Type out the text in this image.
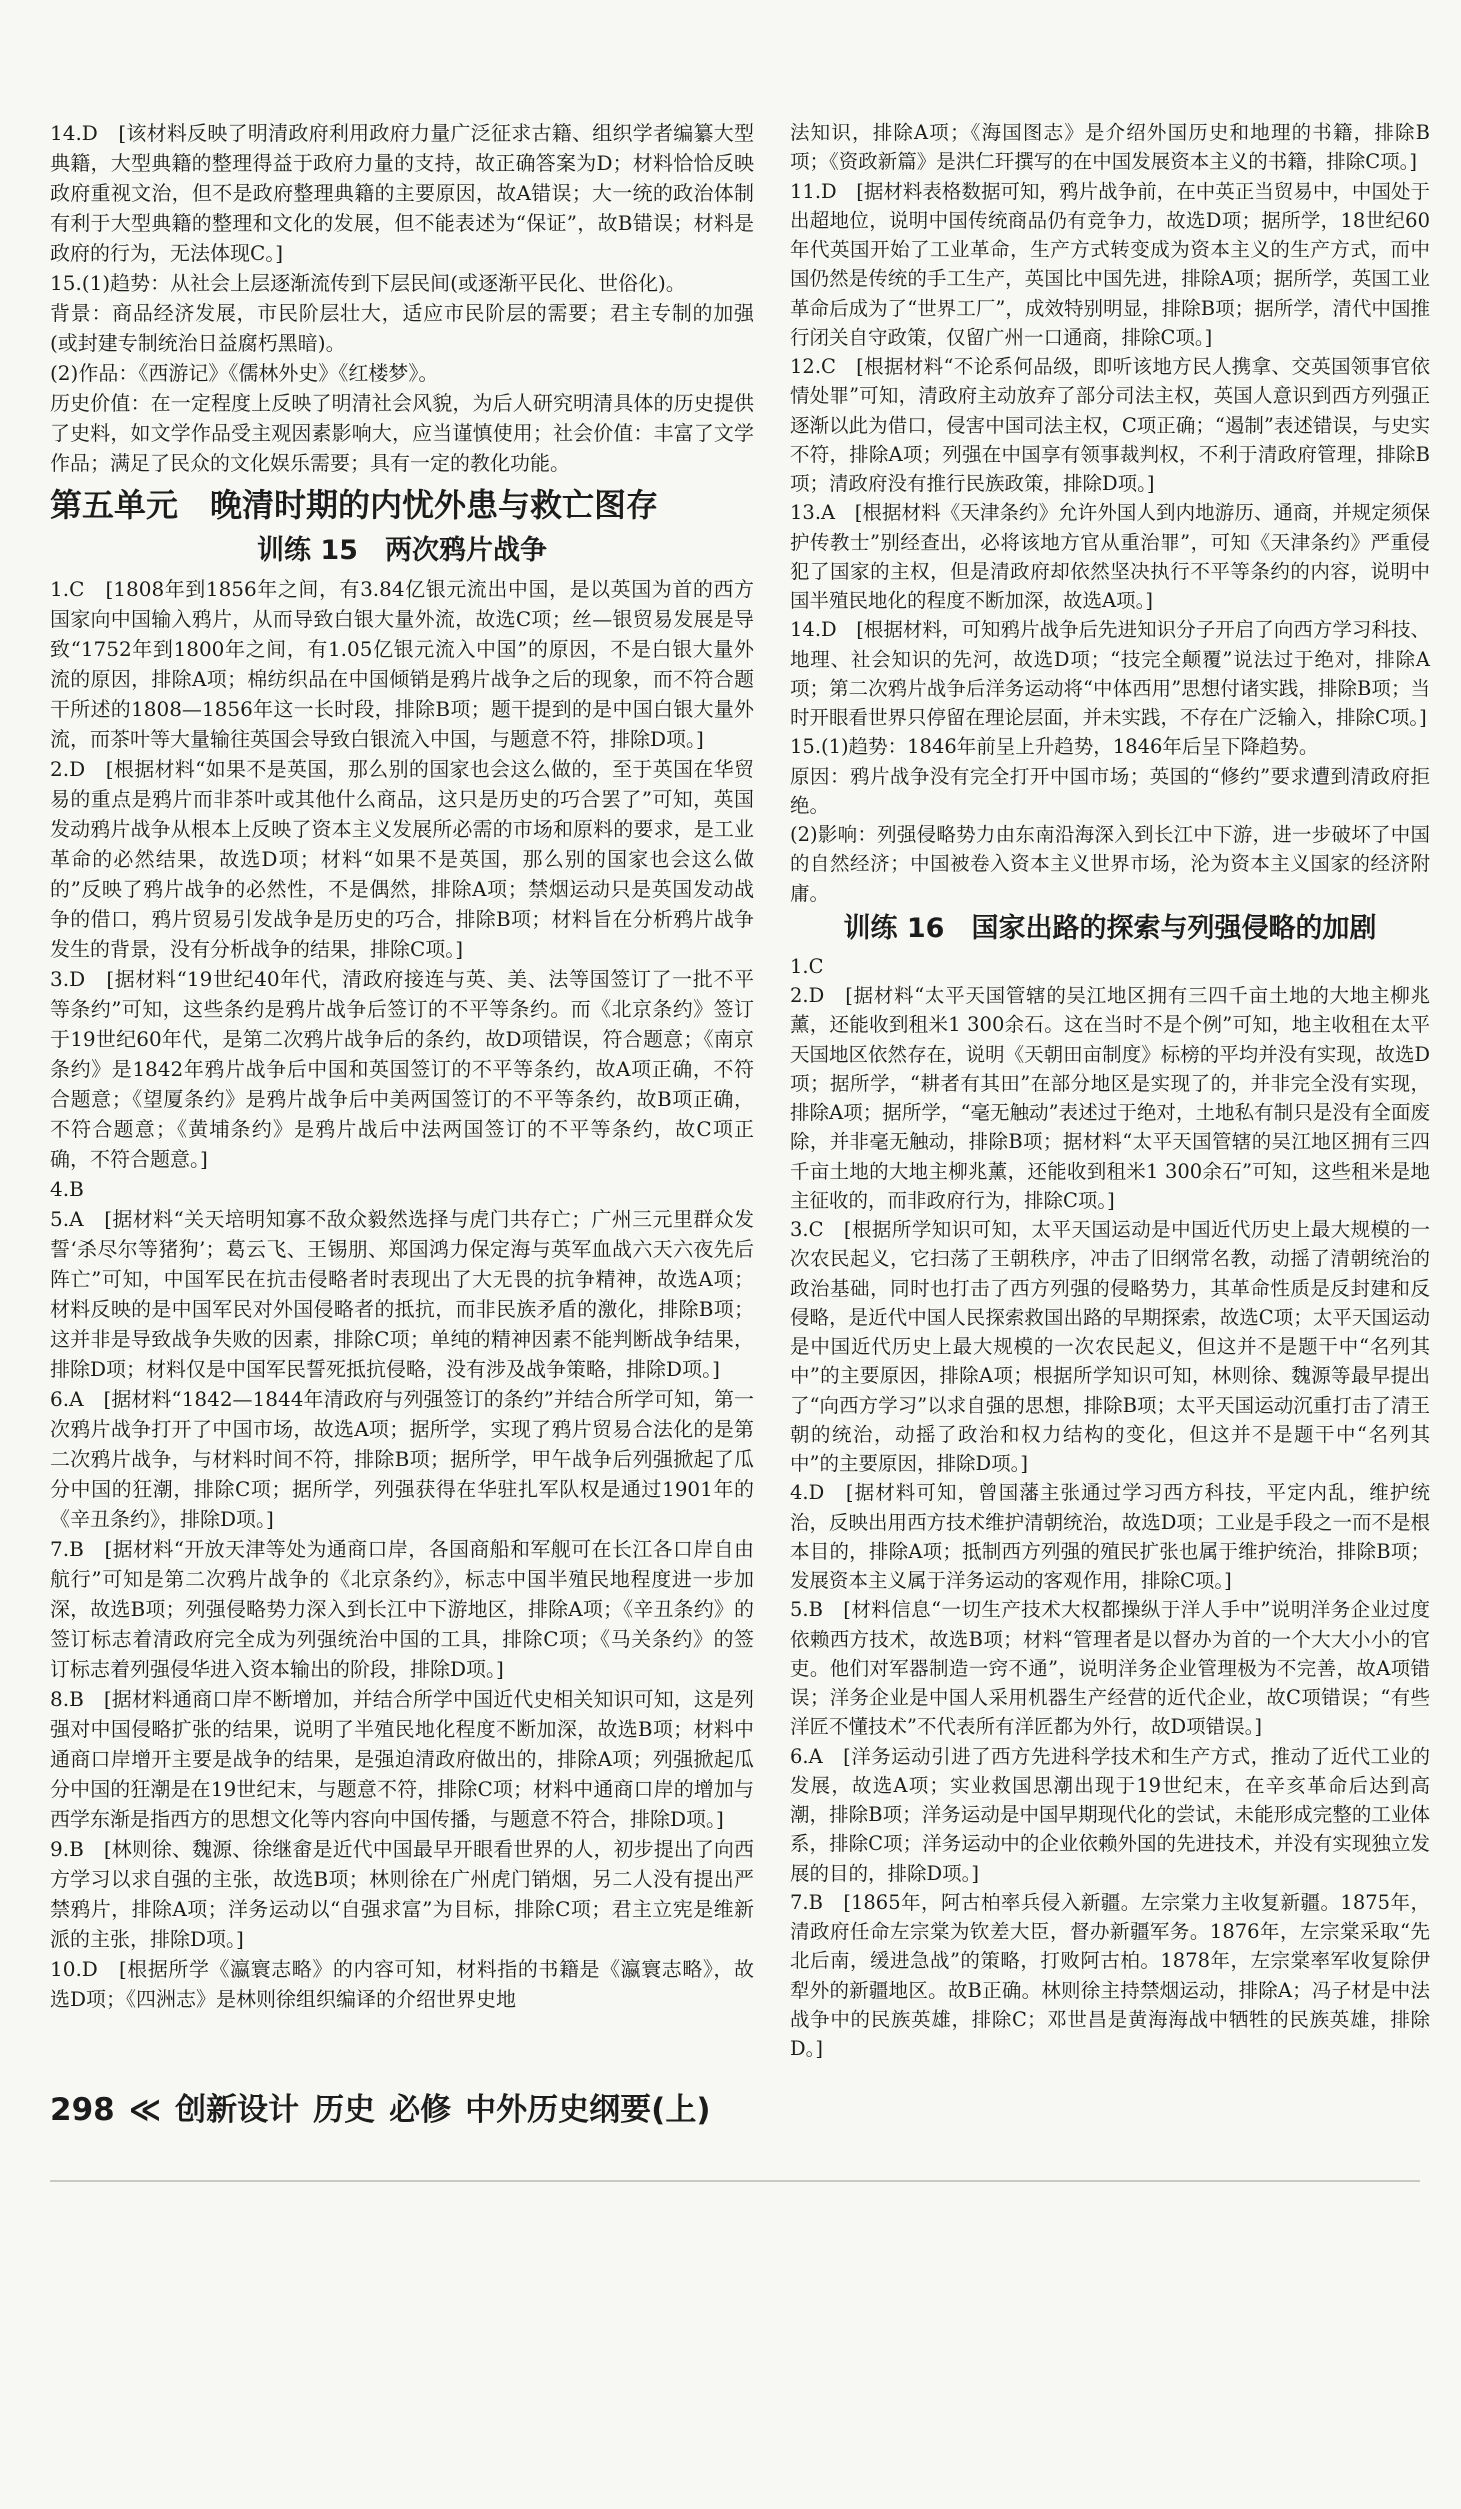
14.D　[该材料反映了明清政府利用政府力量广泛征求古籍、组织学者编纂大型典籍，大型典籍的整理得益于政府力量的支持，故正确答案为D；材料恰恰反映政府重视文治，但不是政府整理典籍的主要原因，故A错误；大一统的政治体制有利于大型典籍的整理和文化的发展，但不能表述为“保证”，故B错误；材料是政府的行为，无法体现C。]

15.(1)趋势：从社会上层逐渐流传到下层民间(或逐渐平民化、世俗化)。
背景：商品经济发展，市民阶层壮大，适应市民阶层的需要；君主专制的加强(或封建专制统治日益腐朽黑暗)。
(2)作品：《西游记》《儒林外史》《红楼梦》。
历史价值：在一定程度上反映了明清社会风貌，为后人研究明清具体的历史提供了史料，如文学作品受主观因素影响大，应当谨慎使用；社会价值：丰富了文学作品；满足了民众的文化娱乐需要；具有一定的教化功能。

第五单元　晚清时期的内忧外患与救亡图存
训练 15　两次鸦片战争

1.C　[1808年到1856年之间，有3.84亿银元流出中国，是以英国为首的西方国家向中国输入鸦片，从而导致白银大量外流，故选C项；丝—银贸易发展是导致“1752年到1800年之间，有1.05亿银元流入中国”的原因，不是白银大量外流的原因，排除A项；棉纺织品在中国倾销是鸦片战争之后的现象，而不符合题干所述的1808—1856年这一长时段，排除B项；题干提到的是中国白银大量外流，而茶叶等大量输往英国会导致白银流入中国，与题意不符，排除D项。]

2.D　[根据材料“如果不是英国，那么别的国家也会这么做的，至于英国在华贸易的重点是鸦片而非茶叶或其他什么商品，这只是历史的巧合罢了”可知，英国发动鸦片战争从根本上反映了资本主义发展所必需的市场和原料的要求，是工业革命的必然结果，故选D项；材料“如果不是英国，那么别的国家也会这么做的”反映了鸦片战争的必然性，不是偶然，排除A项；禁烟运动只是英国发动战争的借口，鸦片贸易引发战争是历史的巧合，排除B项；材料旨在分析鸦片战争发生的背景，没有分析战争的结果，排除C项。]

3.D　[据材料“19世纪40年代，清政府接连与英、美、法等国签订了一批不平等条约”可知，这些条约是鸦片战争后签订的不平等条约。而《北京条约》签订于19世纪60年代，是第二次鸦片战争后的条约，故D项错误，符合题意；《南京条约》是1842年鸦片战争后中国和英国签订的不平等条约，故A项正确，不符合题意；《望厦条约》是鸦片战争后中美两国签订的不平等条约，故B项正确，不符合题意；《黄埔条约》是鸦片战后中法两国签订的不平等条约，故C项正确，不符合题意。]

4.B

5.A　[据材料“关天培明知寡不敌众毅然选择与虎门共存亡；广州三元里群众发誓‘杀尽尔等猪狗’；葛云飞、王锡朋、郑国鸿力保定海与英军血战六天六夜先后阵亡”可知，中国军民在抗击侵略者时表现出了大无畏的抗争精神，故选A项；材料反映的是中国军民对外国侵略者的抵抗，而非民族矛盾的激化，排除B项；这并非是导致战争失败的因素，排除C项；单纯的精神因素不能判断战争结果，排除D项；材料仅是中国军民誓死抵抗侵略，没有涉及战争策略，排除D项。]

6.A　[据材料“1842—1844年清政府与列强签订的条约”并结合所学可知，第一次鸦片战争打开了中国市场，故选A项；据所学，实现了鸦片贸易合法化的是第二次鸦片战争，与材料时间不符，排除B项；据所学，甲午战争后列强掀起了瓜分中国的狂潮，排除C项；据所学，列强获得在华驻扎军队权是通过1901年的《辛丑条约》，排除D项。]

7.B　[据材料“开放天津等处为通商口岸，各国商船和军舰可在长江各口岸自由航行”可知是第二次鸦片战争的《北京条约》，标志中国半殖民地程度进一步加深，故选B项；列强侵略势力深入到长江中下游地区，排除A项；《辛丑条约》的签订标志着清政府完全成为列强统治中国的工具，排除C项；《马关条约》的签订标志着列强侵华进入资本输出的阶段，排除D项。]

8.B　[据材料通商口岸不断增加，并结合所学中国近代史相关知识可知，这是列强对中国侵略扩张的结果，说明了半殖民地化程度不断加深，故选B项；材料中通商口岸增开主要是战争的结果，是强迫清政府做出的，排除A项；列强掀起瓜分中国的狂潮是在19世纪末，与题意不符，排除C项；材料中通商口岸的增加与西学东渐是指西方的思想文化等内容向中国传播，与题意不符合，排除D项。]

9.B　[林则徐、魏源、徐继畲是近代中国最早开眼看世界的人，初步提出了向西方学习以求自强的主张，故选B项；林则徐在广州虎门销烟，另二人没有提出严禁鸦片，排除A项；洋务运动以“自强求富”为目标，排除C项；君主立宪是维新派的主张，排除D项。]

10.D　[根据所学《瀛寰志略》的内容可知，材料指的书籍是《瀛寰志略》，故选D项；《四洲志》是林则徐组织编译的介绍世界史地

法知识，排除A项；《海国图志》是介绍外国历史和地理的书籍，排除B项；《资政新篇》是洪仁玕撰写的在中国发展资本主义的书籍，排除C项。]

11.D　[据材料表格数据可知，鸦片战争前，在中英正当贸易中，中国处于出超地位，说明中国传统商品仍有竞争力，故选D项；据所学，18世纪60年代英国开始了工业革命，生产方式转变成为资本主义的生产方式，而中国仍然是传统的手工生产，英国比中国先进，排除A项；据所学，英国工业革命后成为了“世界工厂”，成效特别明显，排除B项；据所学，清代中国推行闭关自守政策，仅留广州一口通商，排除C项。]

12.C　[根据材料“不论系何品级，即听该地方民人携拿、交英国领事官依情处罪”可知，清政府主动放弃了部分司法主权，英国人意识到西方列强正逐渐以此为借口，侵害中国司法主权，C项正确；“遏制”表述错误，与史实不符，排除A项；列强在中国享有领事裁判权，不利于清政府管理，排除B项；清政府没有推行民族政策，排除D项。]

13.A　[根据材料《天津条约》允许外国人到内地游历、通商，并规定须保护传教士”别经查出，必将该地方官从重治罪”，可知《天津条约》严重侵犯了国家的主权，但是清政府却依然坚决执行不平等条约的内容，说明中国半殖民地化的程度不断加深，故选A项。]

14.D　[根据材料，可知鸦片战争后先进知识分子开启了向西方学习科技、地理、社会知识的先河，故选D项；“技完全颠覆”说法过于绝对，排除A项；第二次鸦片战争后洋务运动将“中体西用”思想付诸实践，排除B项；当时开眼看世界只停留在理论层面，并未实践，不存在广泛输入，排除C项。]

15.(1)趋势：1846年前呈上升趋势，1846年后呈下降趋势。
原因：鸦片战争没有完全打开中国市场；英国的“修约”要求遭到清政府拒绝。
(2)影响：列强侵略势力由东南沿海深入到长江中下游，进一步破坏了中国的自然经济；中国被卷入资本主义世界市场，沦为资本主义国家的经济附庸。

训练 16　国家出路的探索与列强侵略的加剧

1.C

2.D　[据材料“太平天国管辖的吴江地区拥有三四千亩土地的大地主柳兆薰，还能收到租米1 300余石。这在当时不是个例”可知，地主收租在太平天国地区依然存在，说明《天朝田亩制度》标榜的平均并没有实现，故选D项；据所学，“耕者有其田”在部分地区是实现了的，并非完全没有实现，排除A项；据所学，“毫无触动”表述过于绝对，土地私有制只是没有全面废除，并非毫无触动，排除B项；据材料“太平天国管辖的吴江地区拥有三四千亩土地的大地主柳兆薰，还能收到租米1 300余石”可知，这些租米是地主征收的，而非政府行为，排除C项。]

3.C　[根据所学知识可知，太平天国运动是中国近代历史上最大规模的一次农民起义，它扫荡了王朝秩序，冲击了旧纲常名教，动摇了清朝统治的政治基础，同时也打击了西方列强的侵略势力，其革命性质是反封建和反侵略，是近代中国人民探索救国出路的早期探索，故选C项；太平天国运动是中国近代历史上最大规模的一次农民起义，但这并不是题干中“名列其中”的主要原因，排除A项；根据所学知识可知，林则徐、魏源等最早提出了“向西方学习”以求自强的思想，排除B项；太平天国运动沉重打击了清王朝的统治，动摇了政治和权力结构的变化，但这并不是题干中“名列其中”的主要原因，排除D项。]

4.D　[据材料可知，曾国藩主张通过学习西方科技，平定内乱，维护统治，反映出用西方技术维护清朝统治，故选D项；工业是手段之一而不是根本目的，排除A项；抵制西方列强的殖民扩张也属于维护统治，排除B项；发展资本主义属于洋务运动的客观作用，排除C项。]

5.B　[材料信息“一切生产技术大权都操纵于洋人手中”说明洋务企业过度依赖西方技术，故选B项；材料“管理者是以督办为首的一个大大小小的官吏。他们对军器制造一窍不通”，说明洋务企业管理极为不完善，故A项错误；洋务企业是中国人采用机器生产经营的近代企业，故C项错误；“有些洋匠不懂技术”不代表所有洋匠都为外行，故D项错误。]

6.A　[洋务运动引进了西方先进科学技术和生产方式，推动了近代工业的发展，故选A项；实业救国思潮出现于19世纪末，在辛亥革命后达到高潮，排除B项；洋务运动是中国早期现代化的尝试，未能形成完整的工业体系，排除C项；洋务运动中的企业依赖外国的先进技术，并没有实现独立发展的目的，排除D项。]

7.B　[1865年，阿古柏率兵侵入新疆。左宗棠力主收复新疆。1875年，清政府任命左宗棠为钦差大臣，督办新疆军务。1876年，左宗棠采取“先北后南，缓进急战”的策略，打败阿古柏。1878年，左宗棠率军收复除伊犁外的新疆地区。故B正确。林则徐主持禁烟运动，排除A；冯子材是中法战争中的民族英雄，排除C；邓世昌是黄海海战中牺牲的民族英雄，排除D。]

298 ≪ 创新设计 历史 必修 中外历史纲要(上)
